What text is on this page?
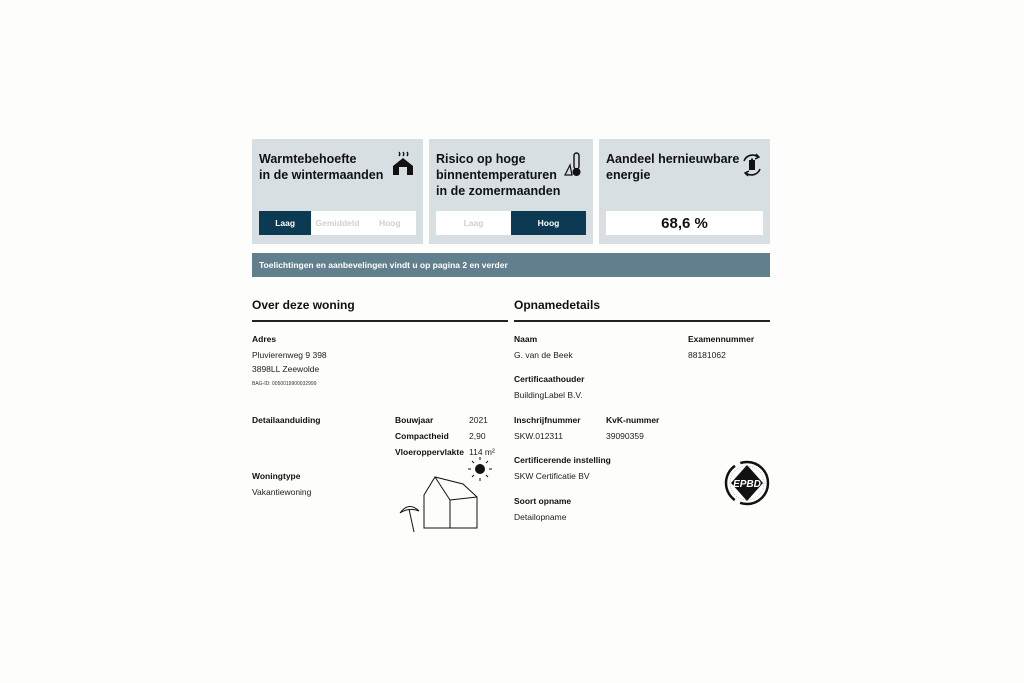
Warmtebehoefte
in de wintermaanden
Laag	Gemiddeld	Hoog
Risico op hoge
binnentemperaturen
in de zomermaanden
Laag	Hoog
Aandeel hernieuwbare
energie
68,6 %
Toelichtingen en aanbevelingen vindt u op pagina 2 en verder
Over deze woning
Adres
Pluvierenweg 9 398
3898LL Zeewolde
BAG-ID: 0050019900032999
Detailaanduiding	Bouwjaar	2021
Compactheid 2,90
Vloeroppervlakte 114 m²
Woningtype
Vakantiewoning
Opnamedetails
Naam
G. van de Beek
Examennummer
88181062
Certificaathouder
BuildingLabel B.V.
Inschrijfnummer
SKW.012311
KvK-nummer
39090359
Certificerende instelling
SKW Certificatie BV
Soort opname
Detailopname
EPBD
